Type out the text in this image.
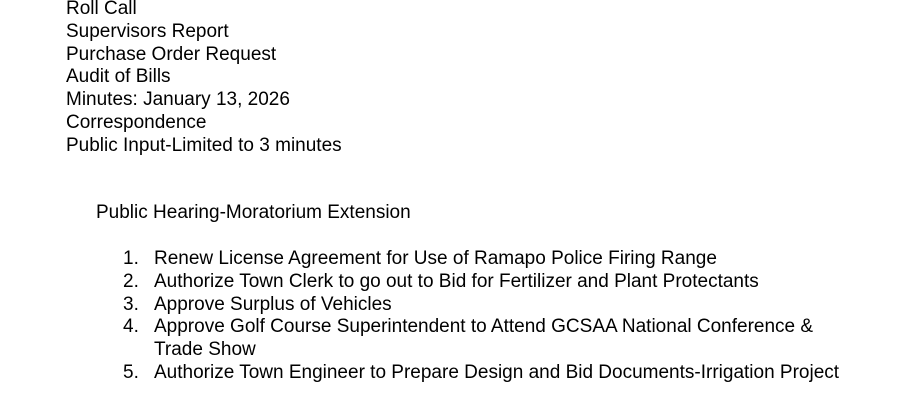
Roll Call
Supervisors Report
Purchase Order Request
Audit of Bills
Minutes: January 13, 2026
Correspondence
Public Input-Limited to 3 minutes
Public Hearing-Moratorium Extension
1. Renew License Agreement for Use of Ramapo Police Firing Range
2. Authorize Town Clerk to go out to Bid for Fertilizer and Plant Protectants
3. Approve Surplus of Vehicles
4. Approve Golf Course Superintendent to Attend GCSAA National Conference & Trade Show
5. Authorize Town Engineer to Prepare Design and Bid Documents-Irrigation Project
